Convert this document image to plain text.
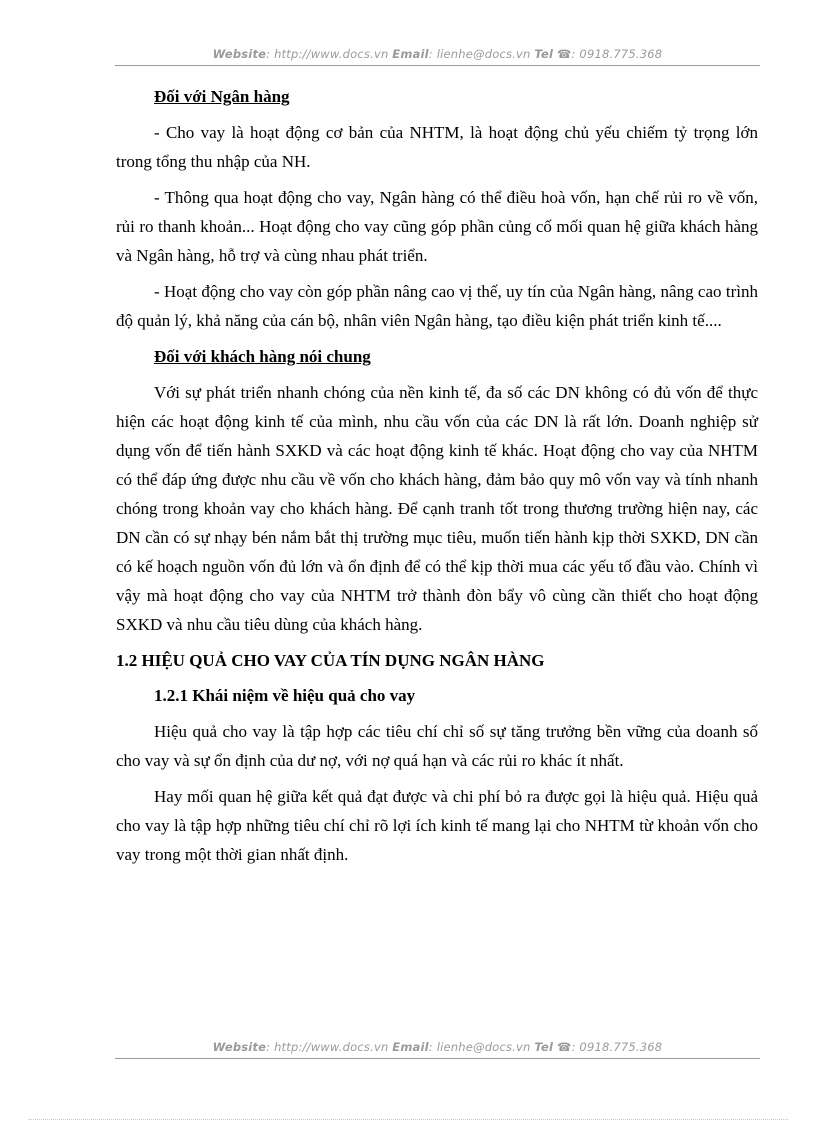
Website: http://www.docs.vn Email: lienhe@docs.vn Tel ☎: 0918.775.368
Đối với Ngân hàng

- Cho vay là hoạt động cơ bản của NHTM, là hoạt động chủ yếu chiếm tỷ trọng lớn trong tổng thu nhập của NH.

- Thông qua hoạt động cho vay, Ngân hàng có thể điều hoà vốn, hạn chế rủi ro về vốn, rủi ro thanh khoản... Hoạt động cho vay cũng góp phần củng cố mối quan hệ giữa khách hàng và Ngân hàng, hỗ trợ và cùng nhau phát triển.

- Hoạt động cho vay còn góp phần nâng cao vị thế, uy tín của Ngân hàng, nâng cao trình độ quản lý, khả năng của cán bộ, nhân viên Ngân hàng, tạo điều kiện phát triển kinh tế....

Đối với khách hàng nói chung

Với sự phát triển nhanh chóng của nền kinh tế, đa số các DN không có đủ vốn để thực hiện các hoạt động kinh tế của mình, nhu cầu vốn của các DN là rất lớn. Doanh nghiệp sử dụng vốn để tiến hành SXKD và các hoạt động kinh tế khác. Hoạt động cho vay của NHTM có thể đáp ứng được nhu cầu về vốn cho khách hàng, đảm bảo quy mô vốn vay và tính nhanh chóng trong khoản vay cho khách hàng. Để cạnh tranh tốt trong thương trường hiện nay, các DN cần có sự nhạy bén nắm bắt thị trường mục tiêu, muốn tiến hành kịp thời SXKD, DN cần có kế hoạch nguồn vốn đủ lớn và ổn định để có thể kịp thời mua các yếu tố đầu vào. Chính vì vậy mà hoạt động cho vay của NHTM trở thành đòn bẩy vô cùng cần thiết cho hoạt động SXKD và nhu cầu tiêu dùng của khách hàng.

1.2 HIỆU QUẢ CHO VAY CỦA TÍN DỤNG NGÂN HÀNG
1.2.1 Khái niệm về hiệu quả cho vay

Hiệu quả cho vay là tập hợp các tiêu chí chỉ số sự tăng trưởng bền vững của doanh số cho vay và sự ổn định của dư nợ, với nợ quá hạn và các rủi ro khác ít nhất.

Hay mối quan hệ giữa kết quả đạt được và chi phí bỏ ra được gọi là hiệu quả. Hiệu quả cho vay là tập hợp những tiêu chí chỉ rõ lợi ích kinh tế mang lại cho NHTM từ khoản vốn cho vay trong một thời gian nhất định.

Website: http://www.docs.vn Email: lienhe@docs.vn Tel ☎: 0918.775.368
